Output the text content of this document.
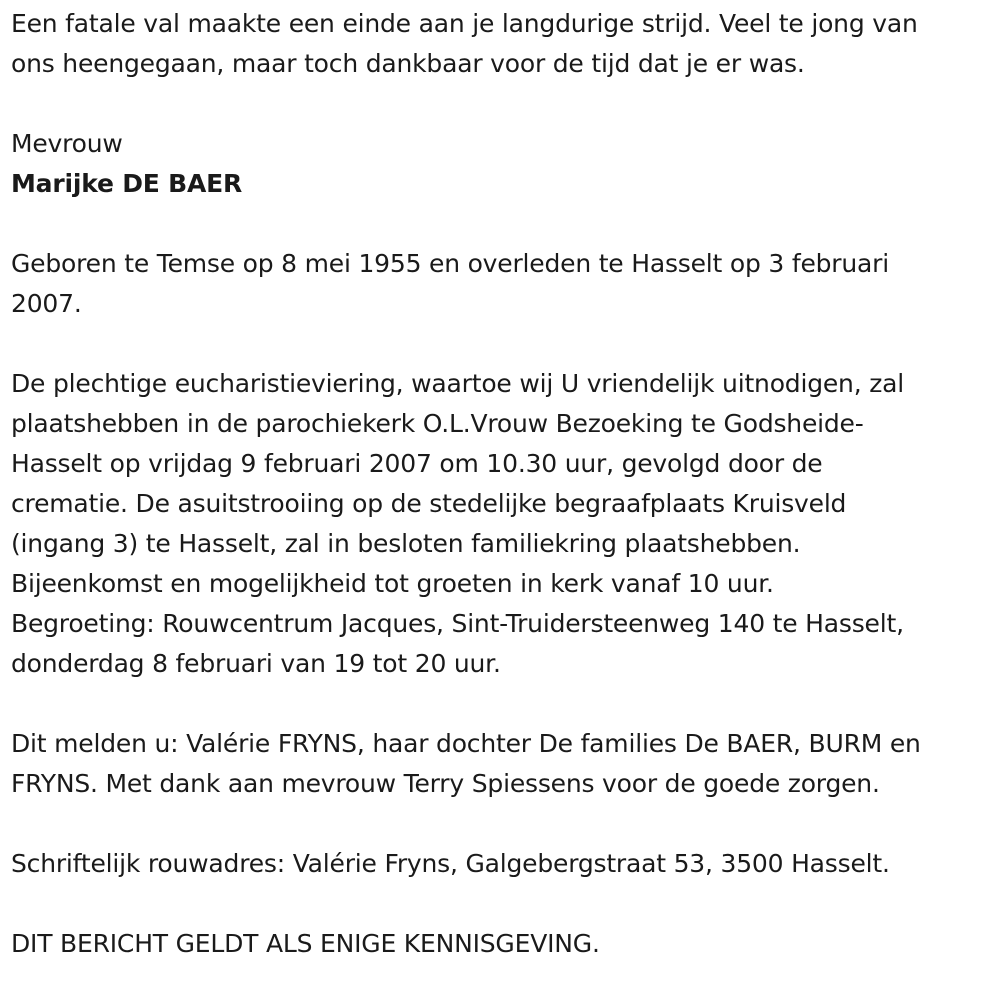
Een fatale val maakte een einde aan je langdurige strijd. Veel te jong van

ons heengegaan, maar toch dankbaar voor de tijd dat je er was.

Mevrouw

Marijke DE BAER

Geboren te Temse op 8 mei 1955 en overleden te Hasselt op 3 februari

2007.

De plechtige eucharistieviering, waartoe wij U vriendelijk uitnodigen, zal

plaatshebben in de parochiekerk O.L.Vrouw Bezoeking te Godsheide-

Hasselt op vrijdag 9 februari 2007 om 10.30 uur, gevolgd door de

crematie. De asuitstrooiing op de stedelijke begraafplaats Kruisveld

(ingang 3) te Hasselt, zal in besloten familiekring plaatshebben.

Bijeenkomst en mogelijkheid tot groeten in kerk vanaf 10 uur.

Begroeting: Rouwcentrum Jacques, Sint-Truidersteenweg 140 te Hasselt,

donderdag 8 februari van 19 tot 20 uur.

Dit melden u: Valérie FRYNS, haar dochter De families De BAER, BURM en

FRYNS. Met dank aan mevrouw Terry Spiessens voor de goede zorgen.

Schriftelijk rouwadres: Valérie Fryns, Galgebergstraat 53, 3500 Hasselt.

DIT BERICHT GELDT ALS ENIGE KENNISGEVING.
